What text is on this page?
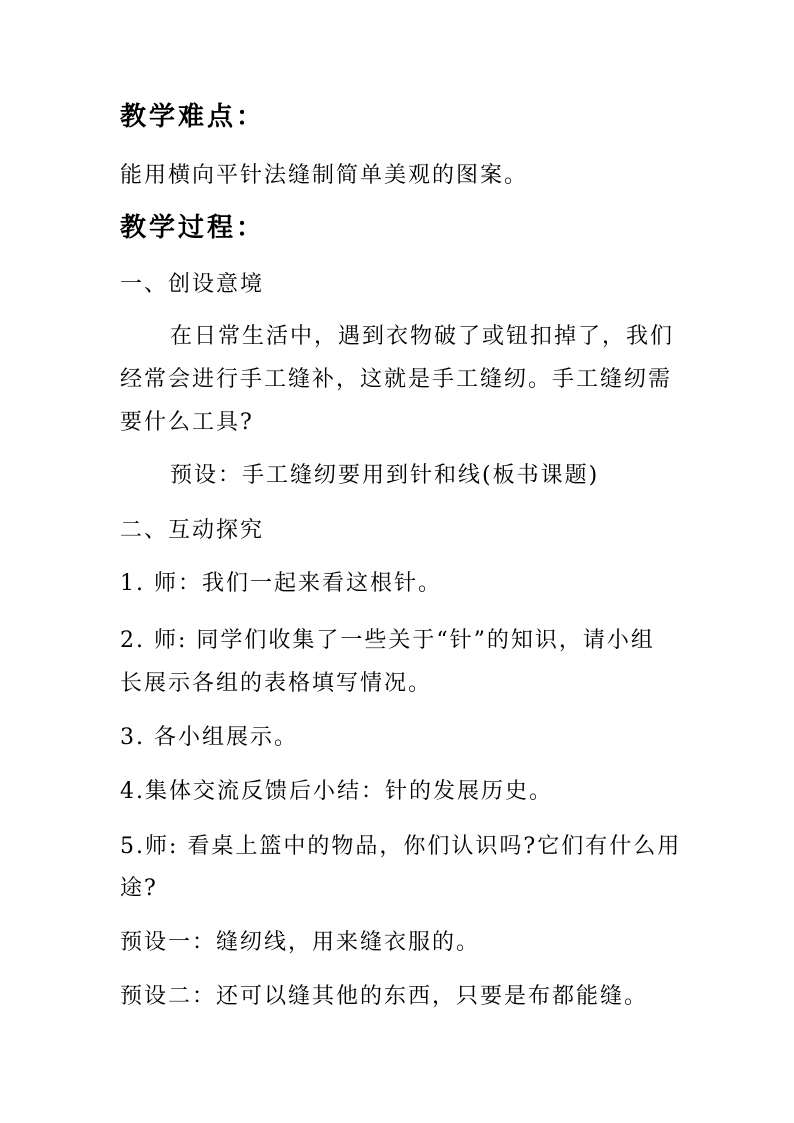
教学难点：
能用横向平针法缝制简单美观的图案。
教学过程：
一、创设意境
在日常生活中，遇到衣物破了或钮扣掉了，我们
经常会进行手工缝补，这就是手工缝纫。手工缝纫需
要什么工具?
预设：手工缝纫要用到针和线(板书课题)
二、互动探究
1. 师：我们一起来看这根针。
2. 师: 同学们收集了一些关于“针”的知识，请小组
长展示各组的表格填写情况。
3. 各小组展示。
4.集体交流反馈后小结：针的发展历史。
5.师: 看桌上篮中的物品，你们认识吗?它们有什么用
途?
预设一：缝纫线，用来缝衣服的。
预设二：还可以缝其他的东西，只要是布都能缝。
